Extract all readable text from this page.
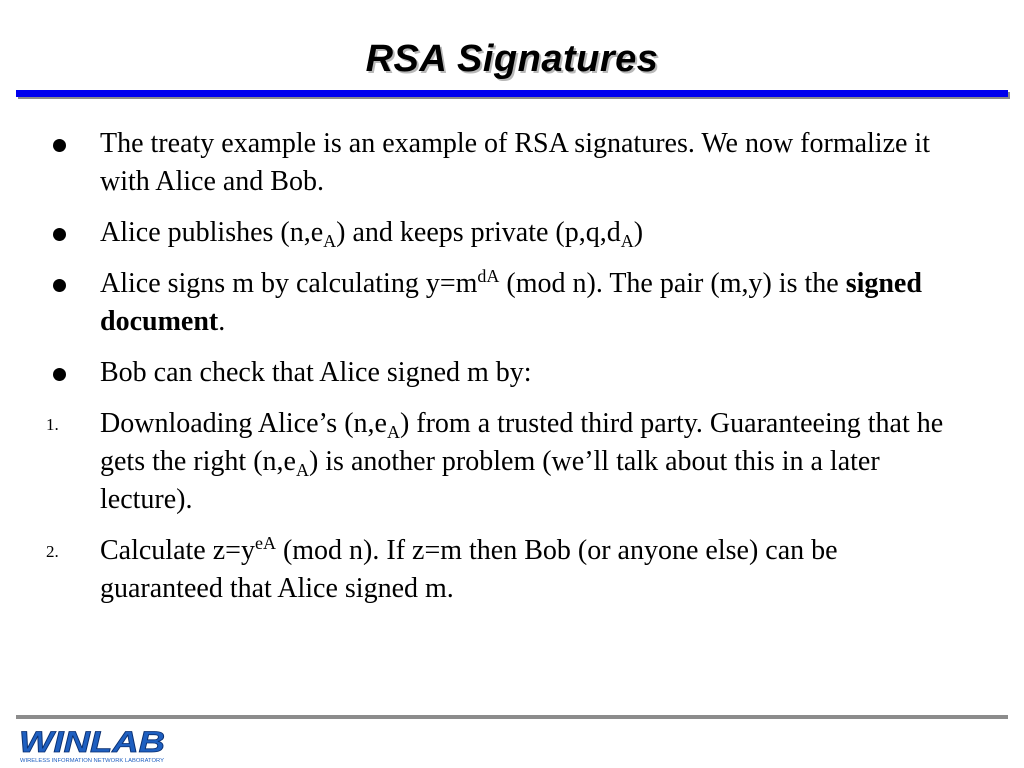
RSA Signatures
The treaty example is an example of RSA signatures. We now formalize it with Alice and Bob.
Alice publishes $(n,e_A)$ and keeps private $(p,q,d_A)$
Alice signs m by calculating $y=m^{dA}$ (mod n). The pair (m,y) is the signed document.
Bob can check that Alice signed m by:
1. Downloading Alice’s $(n,e_A)$ from a trusted third party. Guaranteeing that he gets the right $(n,e_A)$ is another problem (we’ll talk about this in a later lecture).
2. Calculate $z=y^{eA}$ (mod n). If z=m then Bob (or anyone else) can be guaranteed that Alice signed m.
WINLAB
WIRELESS INFORMATION NETWORK LABORATORY
